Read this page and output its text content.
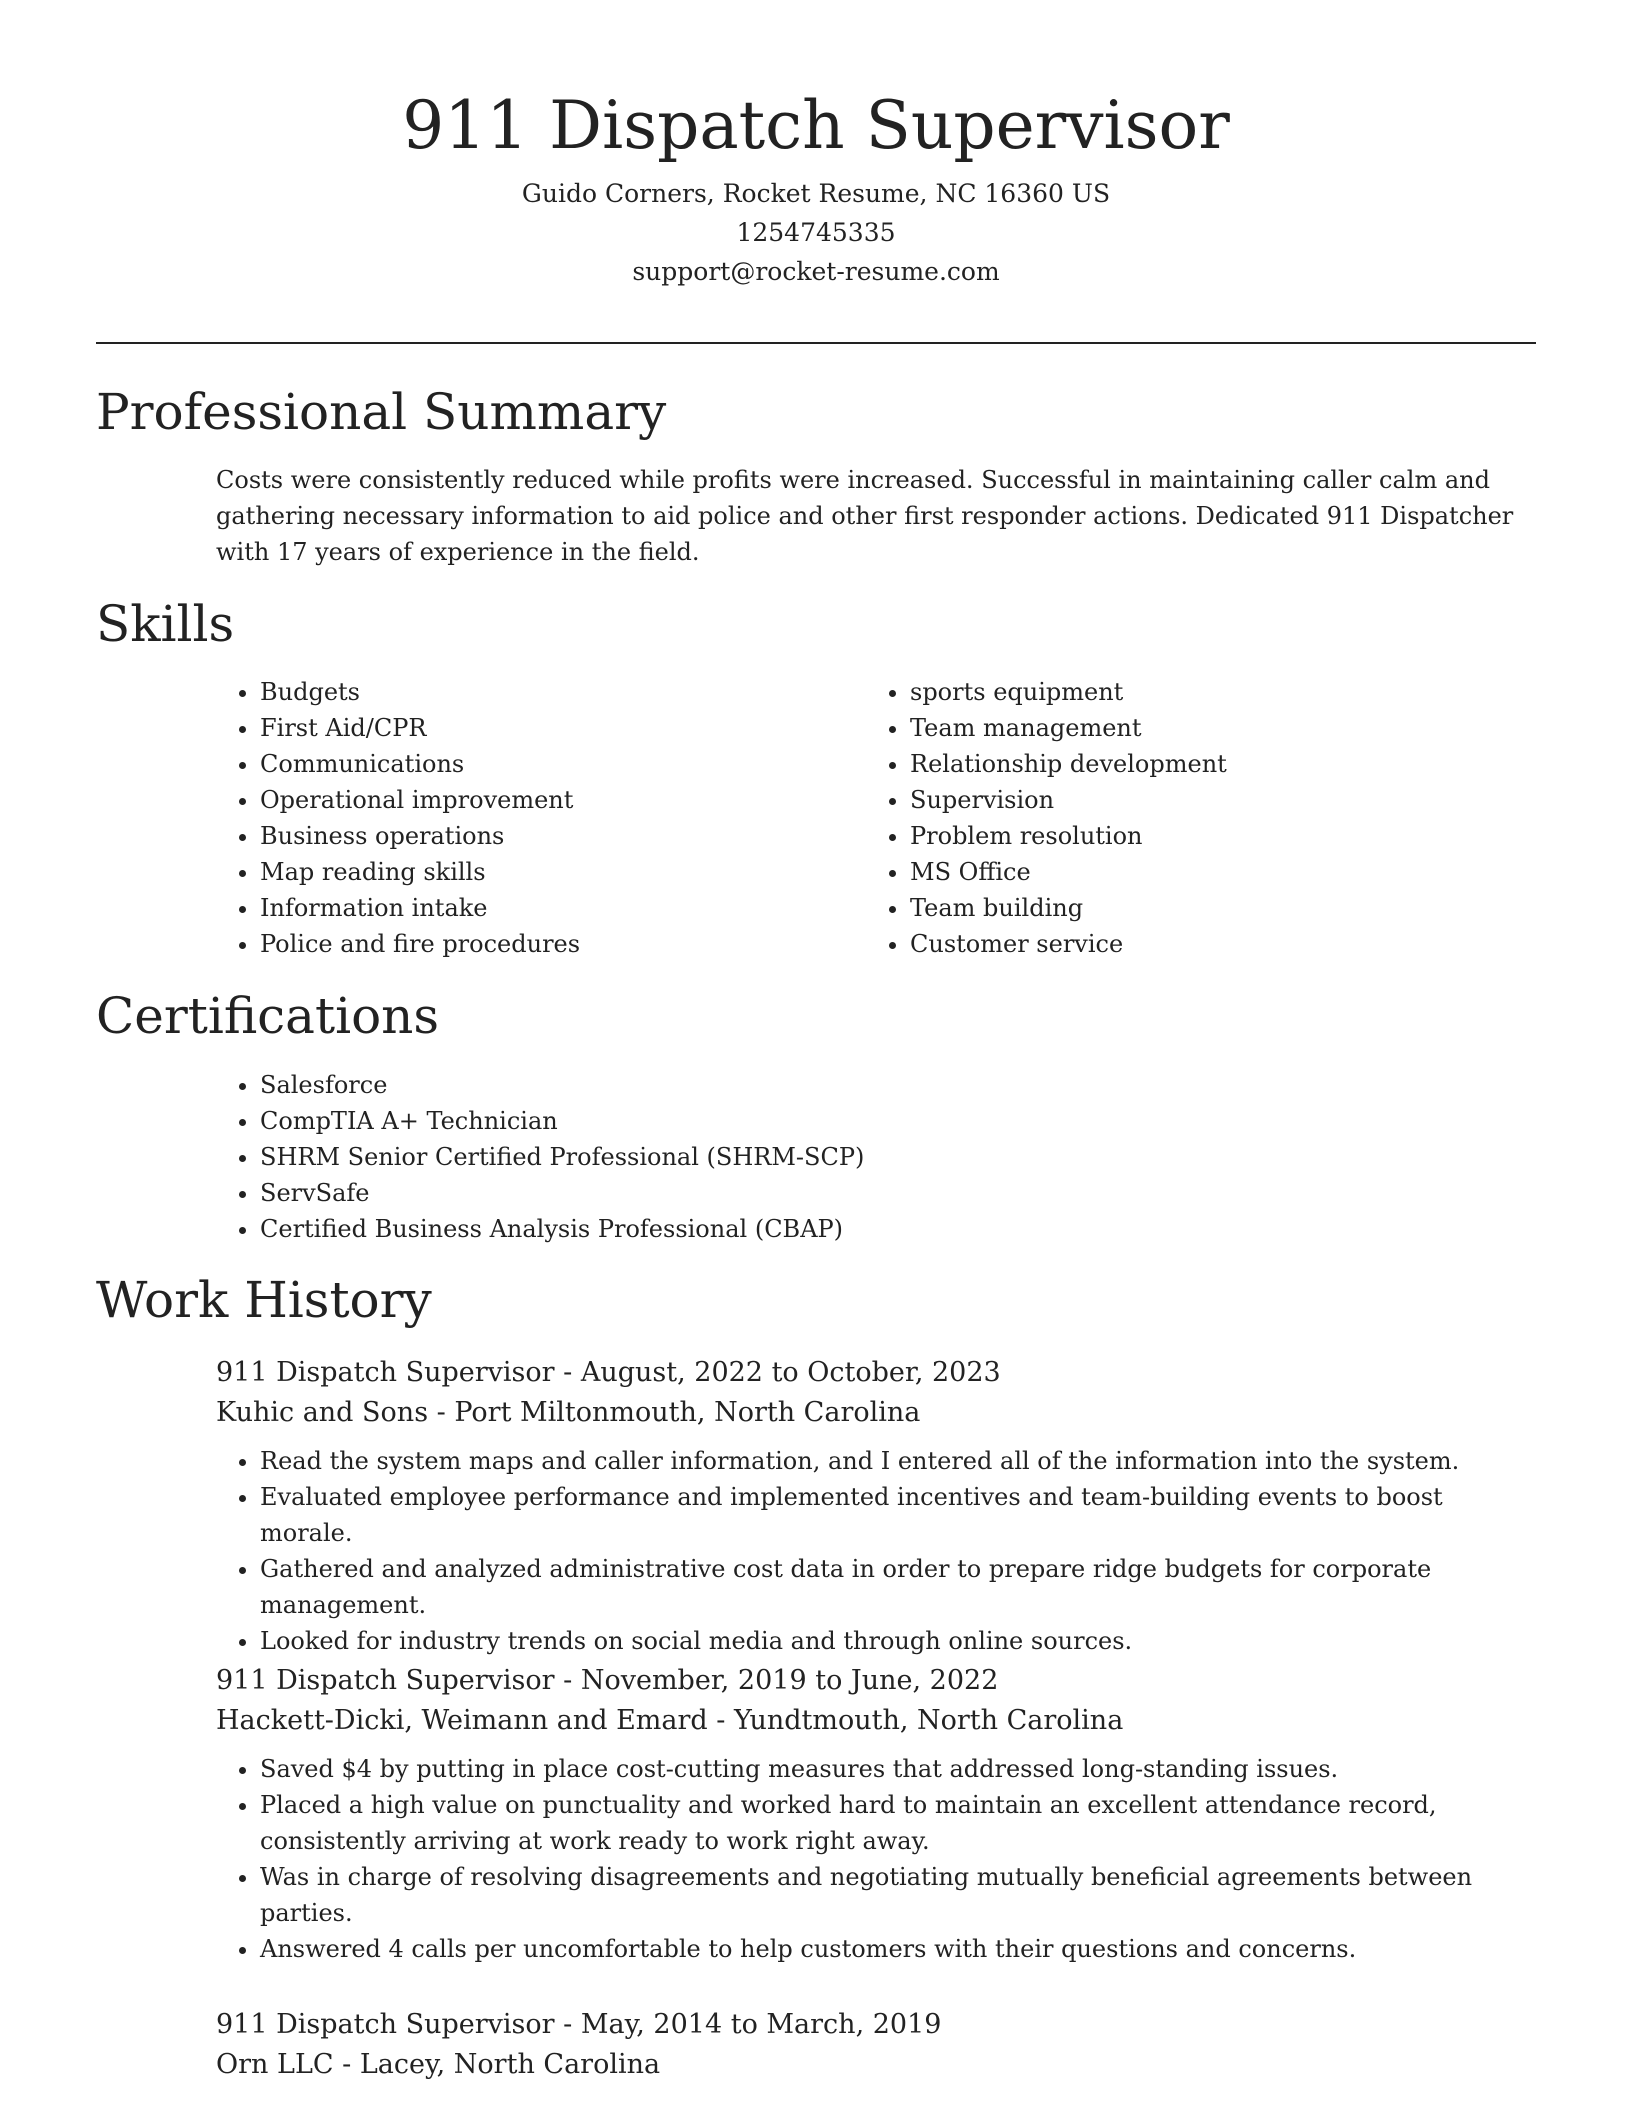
911 Dispatch Supervisor
Guido Corners, Rocket Resume, NC 16360 US
1254745335
support@rocket-resume.com
Professional Summary
Costs were consistently reduced while profits were increased. Successful in maintaining caller calm and gathering necessary information to aid police and other first responder actions. Dedicated 911 Dispatcher with 17 years of experience in the field.
Skills
• Budgets
• First Aid/CPR
• Communications
• Operational improvement
• Business operations
• Map reading skills
• Information intake
• Police and fire procedures
• sports equipment
• Team management
• Relationship development
• Supervision
• Problem resolution
• MS Office
• Team building
• Customer service
Certifications
• Salesforce
• CompTIA A+ Technician
• SHRM Senior Certified Professional (SHRM-SCP)
• ServSafe
• Certified Business Analysis Professional (CBAP)
Work History
911 Dispatch Supervisor - August, 2022 to October, 2023
Kuhic and Sons - Port Miltonmouth, North Carolina
• Read the system maps and caller information, and I entered all of the information into the system.
• Evaluated employee performance and implemented incentives and team-building events to boost morale.
• Gathered and analyzed administrative cost data in order to prepare ridge budgets for corporate management.
• Looked for industry trends on social media and through online sources.
911 Dispatch Supervisor - November, 2019 to June, 2022
Hackett-Dicki, Weimann and Emard - Yundtmouth, North Carolina
• Saved $4 by putting in place cost-cutting measures that addressed long-standing issues.
• Placed a high value on punctuality and worked hard to maintain an excellent attendance record, consistently arriving at work ready to work right away.
• Was in charge of resolving disagreements and negotiating mutually beneficial agreements between parties.
• Answered 4 calls per uncomfortable to help customers with their questions and concerns.
911 Dispatch Supervisor - May, 2014 to March, 2019
Orn LLC - Lacey, North Carolina
